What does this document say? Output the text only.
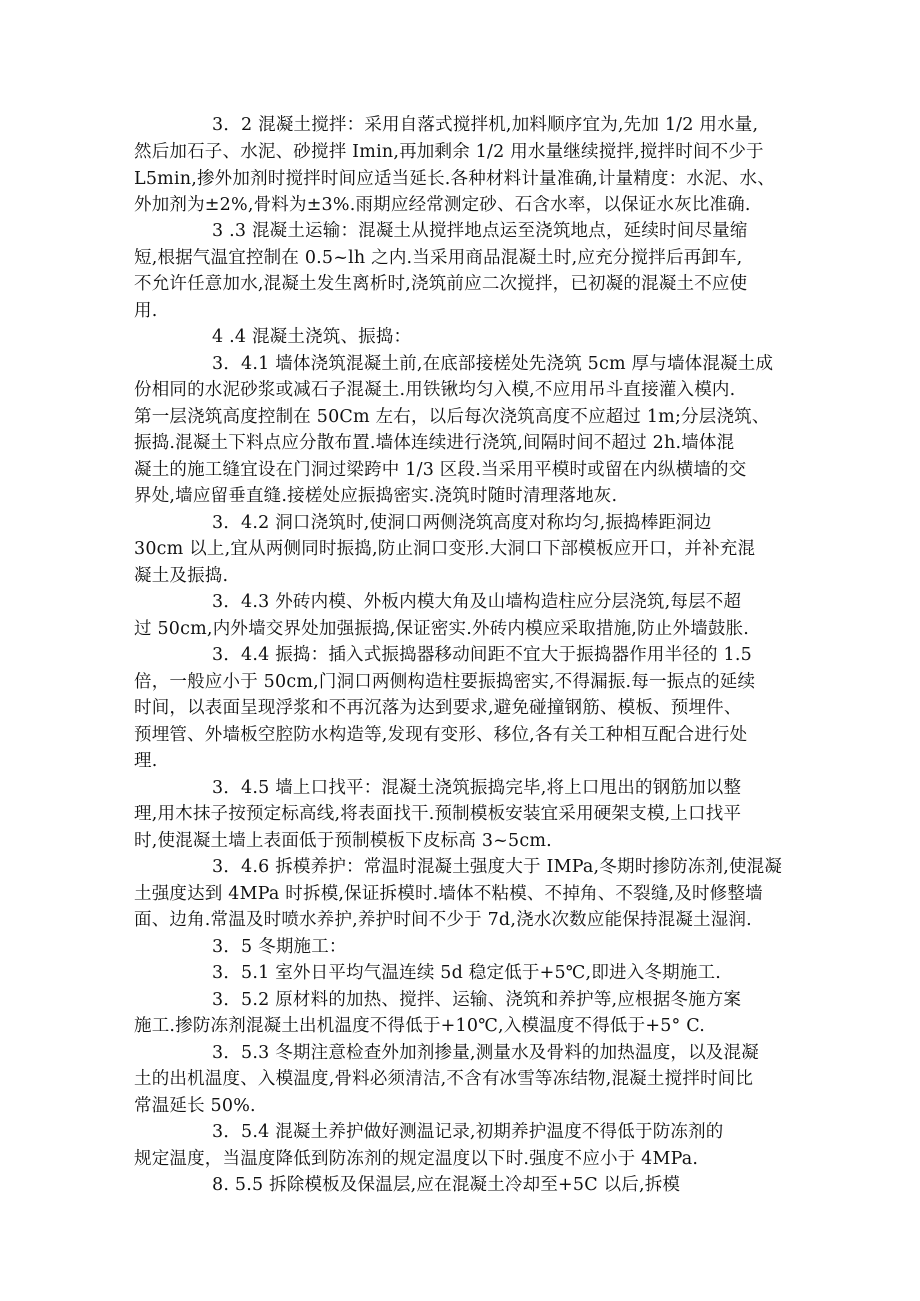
3．2 混凝土搅拌：采用自落式搅拌机,加料顺序宜为,先加 1/2 用水量,
然后加石子、水泥、砂搅拌 Imin,再加剩余 1/2 用水量继续搅拌,搅拌时间不少于
L5min,掺外加剂时搅拌时间应适当延长.各种材料计量准确,计量精度：水泥、水、
外加剂为±2%,骨料为±3%.雨期应经常测定砂、石含水率，以保证水灰比准确.
3 .3 混凝土运输：混凝土从搅拌地点运至浇筑地点，延续时间尽量缩
短,根据气温宜控制在 0.5~lh 之内.当采用商品混凝土时,应充分搅拌后再卸车,
不允许任意加水,混凝土发生离析时,浇筑前应二次搅拌，已初凝的混凝土不应使
用.
4 .4 混凝土浇筑、振捣：
3．4.1 墙体浇筑混凝土前,在底部接槎处先浇筑 5cm 厚与墙体混凝土成
份相同的水泥砂浆或减石子混凝土.用铁锹均匀入模,不应用吊斗直接灌入模内.
第一层浇筑高度控制在 50Cm 左右，以后每次浇筑高度不应超过 1m;分层浇筑、
振捣.混凝土下料点应分散布置.墙体连续进行浇筑,间隔时间不超过 2h.墙体混
凝土的施工缝宜设在门洞过梁跨中 1/3 区段.当采用平模时或留在内纵横墙的交
界处,墙应留垂直缝.接槎处应振捣密实.浇筑时随时清理落地灰.
3．4.2 洞口浇筑时,使洞口两侧浇筑高度对称均匀,振捣棒距洞边
30cm 以上,宜从两侧同时振捣,防止洞口变形.大洞口下部模板应开口，并补充混
凝土及振捣.
3．4.3 外砖内模、外板内模大角及山墙构造柱应分层浇筑,每层不超
过 50cm,内外墙交界处加强振捣,保证密实.外砖内模应采取措施,防止外墙鼓胀.
3．4.4 振捣：插入式振捣器移动间距不宜大于振捣器作用半径的 1.5
倍，一般应小于 50cm,门洞口两侧构造柱要振捣密实,不得漏振.每一振点的延续
时间，以表面呈现浮浆和不再沉落为达到要求,避免碰撞钢筋、模板、预埋件、
预埋管、外墙板空腔防水构造等,发现有变形、移位,各有关工种相互配合进行处
理.
3．4.5 墙上口找平：混凝土浇筑振捣完毕,将上口甩出的钢筋加以整
理,用木抹子按预定标高线,将表面找干.预制模板安装宜采用硬架支模,上口找平
时,使混凝土墙上表面低于预制模板下皮标高 3~5cm.
3．4.6 拆模养护：常温时混凝土强度大于 IMPa,冬期时掺防冻剂,使混凝
土强度达到 4MPa 时拆模,保证拆模时.墙体不粘模、不掉角、不裂缝,及时修整墙
面、边角.常温及时喷水养护,养护时间不少于 7d,浇水次数应能保持混凝土湿润.
3．5 冬期施工：
3．5.1 室外日平均气温连续 5d 稳定低于+5℃,即进入冬期施工.
3．5.2 原材料的加热、搅拌、运输、浇筑和养护等,应根据冬施方案
施工.掺防冻剂混凝土出机温度不得低于+10℃,入模温度不得低于+5° C.
3．5.3 冬期注意检查外加剂掺量,测量水及骨料的加热温度，以及混凝
土的出机温度、入模温度,骨料必须清洁,不含有冰雪等冻结物,混凝土搅拌时间比
常温延长 50%.
3．5.4 混凝土养护做好测温记录,初期养护温度不得低于防冻剂的
规定温度，当温度降低到防冻剂的规定温度以下时.强度不应小于 4MPa.
8. 5.5 拆除模板及保温层,应在混凝土冷却至+5C 以后,拆模
